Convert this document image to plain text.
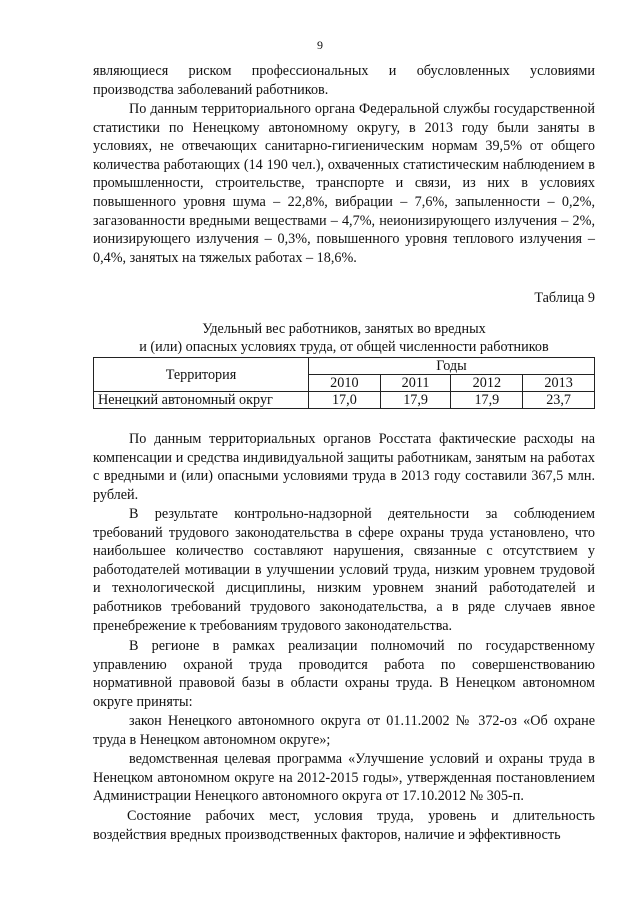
9

являющиеся риском профессиональных и обусловленных условиями производства заболеваний работников.

По данным территориального органа Федеральной службы государственной статистики по Ненецкому автономному округу, в 2013 году были заняты в условиях, не отвечающих санитарно-гигиеническим нормам 39,5% от общего количества работающих (14 190 чел.), охваченных статистическим наблюдением в промышленности, строительстве, транспорте и связи, из них в условиях повышенного уровня шума – 22,8%, вибрации – 7,6%, запыленности – 0,2%, загазованности вредными веществами – 4,7%, неионизирующего излучения – 2%, ионизирующего излучения – 0,3%, повышенного уровня теплового излучения – 0,4%, занятых на тяжелых работах – 18,6%.

Таблица 9
Удельный вес работников, занятых во вредных
и (или) опасных условиях труда, от общей численности работников
Территория	Годы			
	2010	2011	2012	2013
Ненецкий автономный округ	17,0	17,9	17,9	23,7

По данным территориальных органов Росстата фактические расходы на компенсации и средства индивидуальной защиты работникам, занятым на работах с вредными и (или) опасными условиями труда в 2013 году составили 367,5 млн. рублей.

В результате контрольно-надзорной деятельности за соблюдением требований трудового законодательства в сфере охраны труда установлено, что наибольшее количество составляют нарушения, связанные с отсутствием у работодателей мотивации в улучшении условий труда, низким уровнем трудовой и технологической дисциплины, низким уровнем знаний работодателей и работников требований трудового законодательства, а в ряде случаев явное пренебрежение к требованиям трудового законодательства.

В регионе в рамках реализации полномочий по государственному управлению охраной труда проводится работа по совершенствованию нормативной правовой базы в области охраны труда. В Ненецком автономном округе приняты:

закон Ненецкого автономного округа от 01.11.2002 № 372-оз «Об охране труда в Ненецком автономном округе»;

ведомственная целевая программа «Улучшение условий и охраны труда в Ненецком автономном округе на 2012-2015 годы», утвержденная постановлением Администрации Ненецкого автономного округа от 17.10.2012 № 305-п.

Состояние рабочих мест, условия труда, уровень и длительность воздействия вредных производственных факторов, наличие и эффективность
